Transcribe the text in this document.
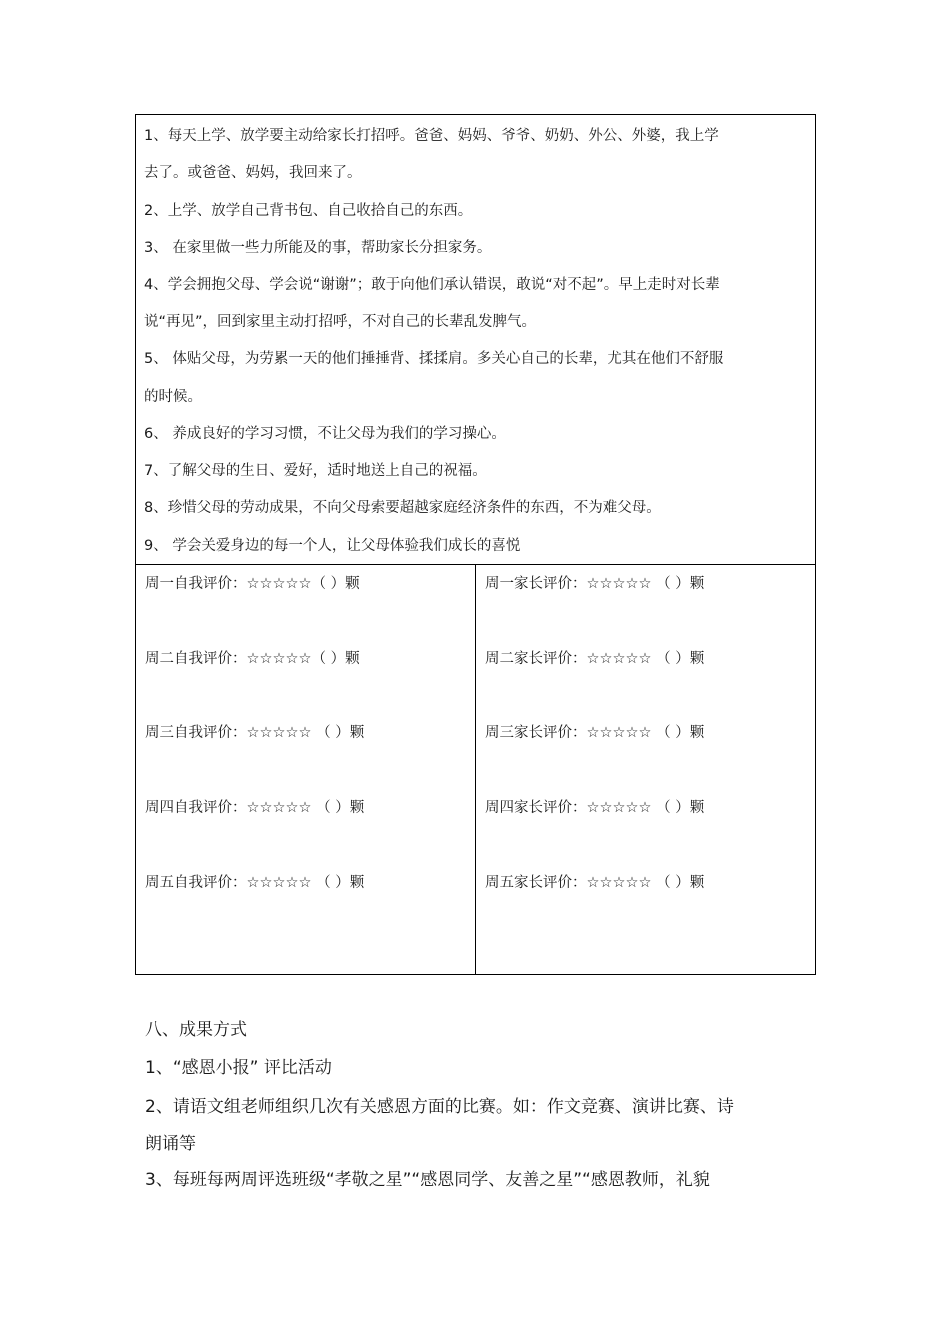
1、每天上学、放学要主动给家长打招呼。爸爸、妈妈、爷爷、奶奶、外公、外婆，我上学
去了。或爸爸、妈妈，我回来了。
2、上学、放学自己背书包、自己收拾自己的东西。
3、 在家里做一些力所能及的事，帮助家长分担家务。
4、学会拥抱父母、学会说“谢谢”；敢于向他们承认错误，敢说“对不起”。早上走时对长辈
说“再见”，回到家里主动打招呼，不对自己的长辈乱发脾气。
5、 体贴父母，为劳累一天的他们捶捶背、揉揉肩。多关心自己的长辈，尤其在他们不舒服
的时候。
6、 养成良好的学习习惯，不让父母为我们的学习操心。
7、了解父母的生日、爱好，适时地送上自己的祝福。
8、珍惜父母的劳动成果，不向父母索要超越家庭经济条件的东西，不为难父母。
9、 学会关爱身边的每一个人，让父母体验我们成长的喜悦
周一自我评价：☆☆☆☆☆（ ）颗
周二自我评价：☆☆☆☆☆（ ）颗
周三自我评价：☆☆☆☆☆ （ ）颗
周四自我评价：☆☆☆☆☆ （ ）颗
周五自我评价：☆☆☆☆☆ （ ）颗
周一家长评价：☆☆☆☆☆ （ ）颗
周二家长评价：☆☆☆☆☆ （ ）颗
周三家长评价：☆☆☆☆☆ （ ）颗
周四家长评价：☆☆☆☆☆ （ ）颗
周五家长评价：☆☆☆☆☆ （ ）颗
八、成果方式
1、“感恩小报” 评比活动
2、请语文组老师组织几次有关感恩方面的比赛。如：作文竞赛、演讲比赛、诗
朗诵等
3、每班每两周评选班级“孝敬之星”“感恩同学、友善之星”“感恩教师，礼貌
